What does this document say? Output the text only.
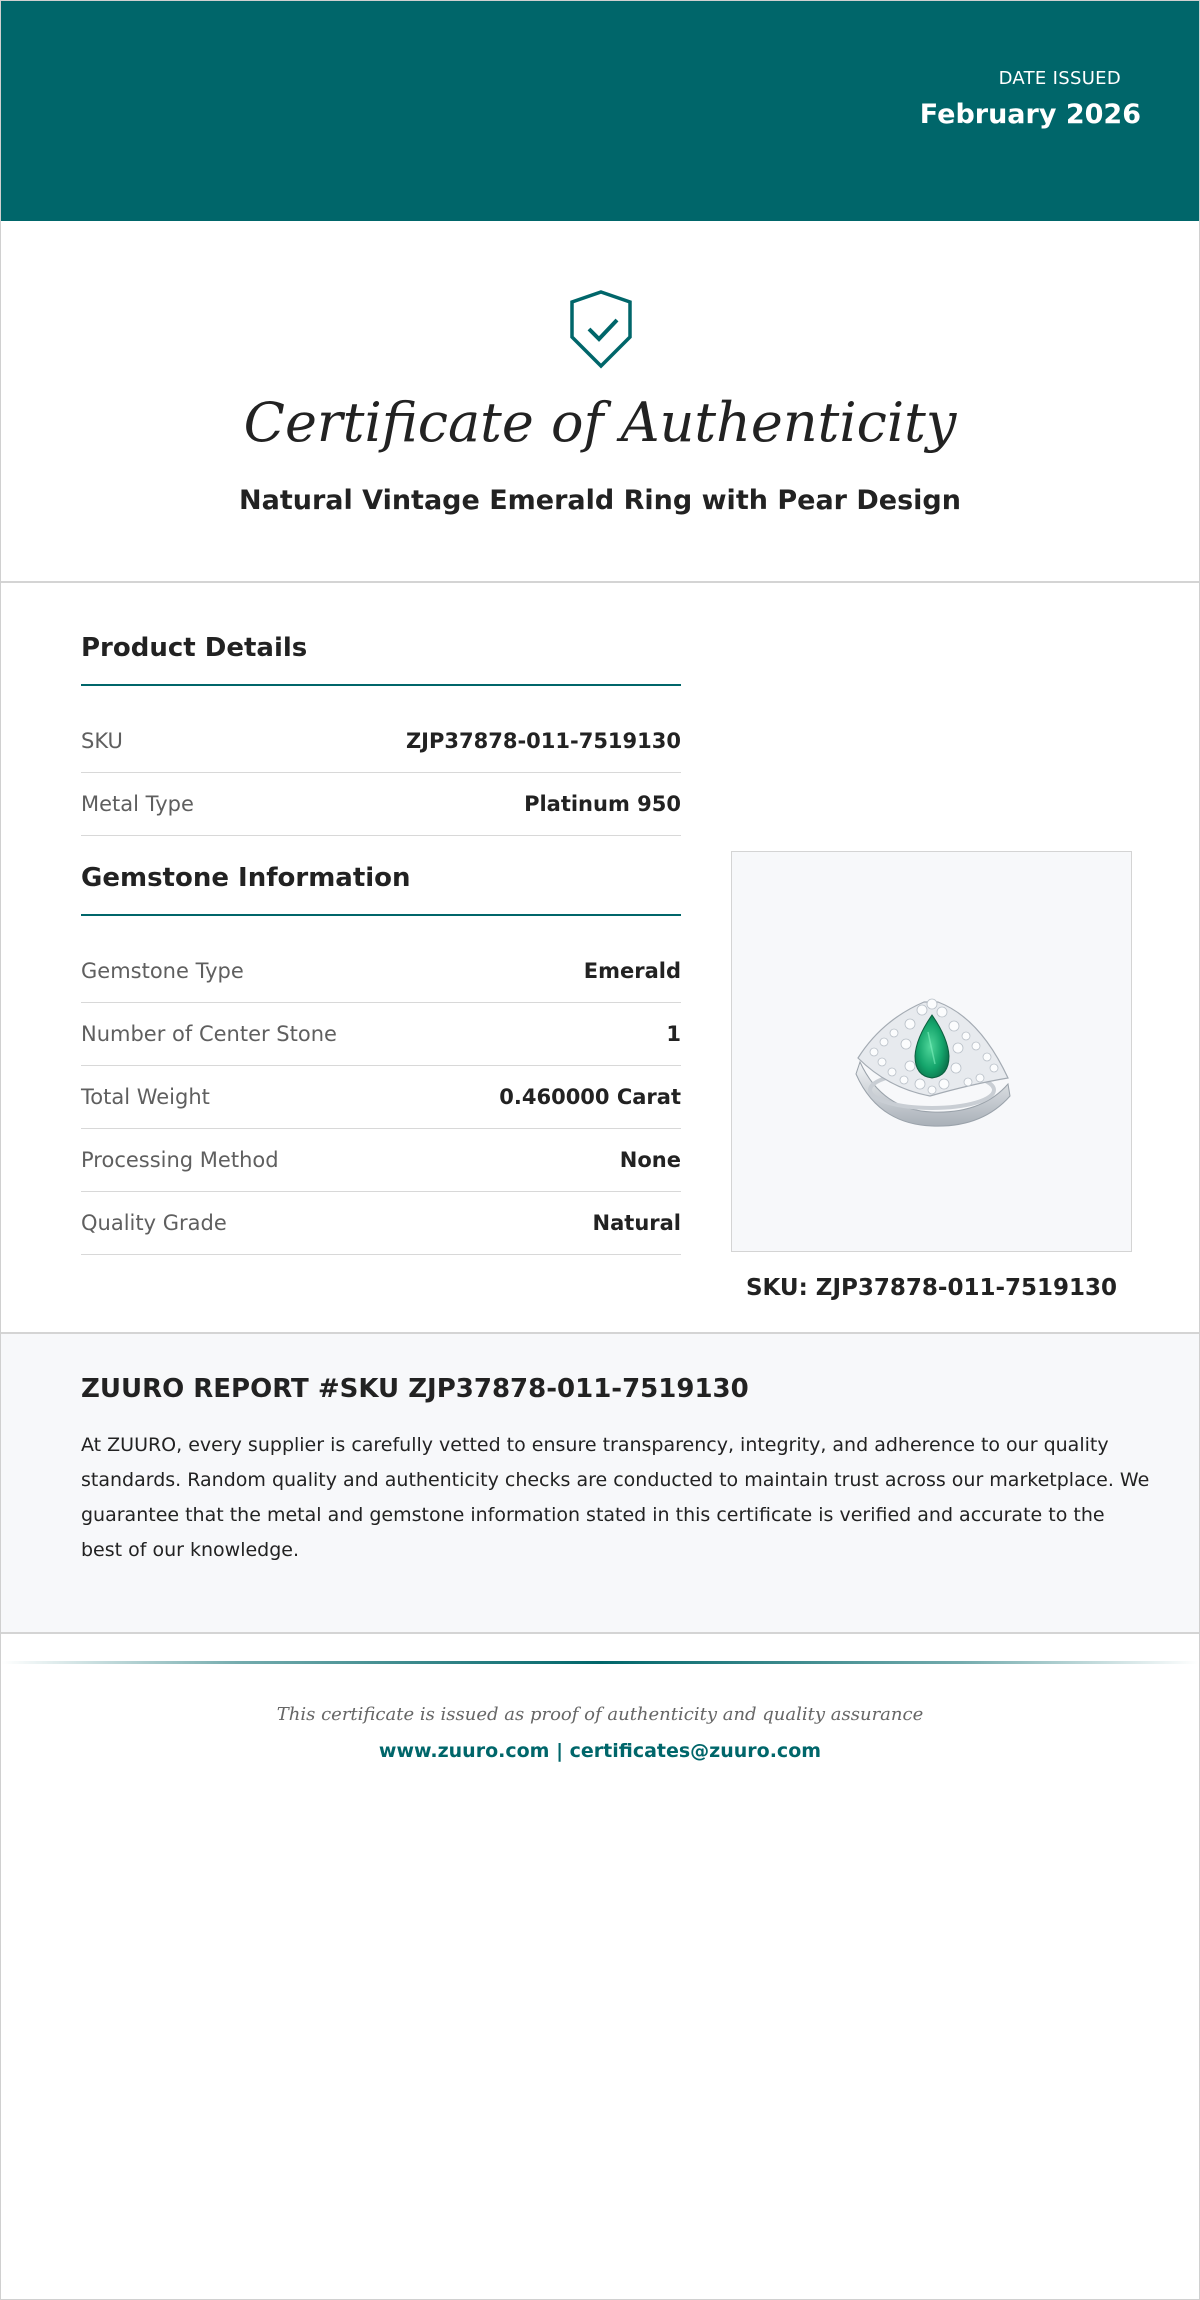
DATE ISSUED
February 2026
Certificate of Authenticity
Natural Vintage Emerald Ring with Pear Design
Product Details
SKU	ZJP37878-011-7519130
Metal Type	Platinum 950
Gemstone Information
Gemstone Type	Emerald
Number of Center Stone	1
Total Weight	0.460000 Carat
Processing Method	None
Quality Grade	Natural
SKU: ZJP37878-011-7519130
ZUURO REPORT #SKU ZJP37878-011-7519130

At ZUURO, every supplier is carefully vetted to ensure transparency, integrity, and adherence to our quality standards. Random quality and authenticity checks are conducted to maintain trust across our marketplace. We guarantee that the metal and gemstone information stated in this certificate is verified and accurate to the best of our knowledge.

This certificate is issued as proof of authenticity and quality assurance
www.zuuro.com | certificates@zuuro.com
